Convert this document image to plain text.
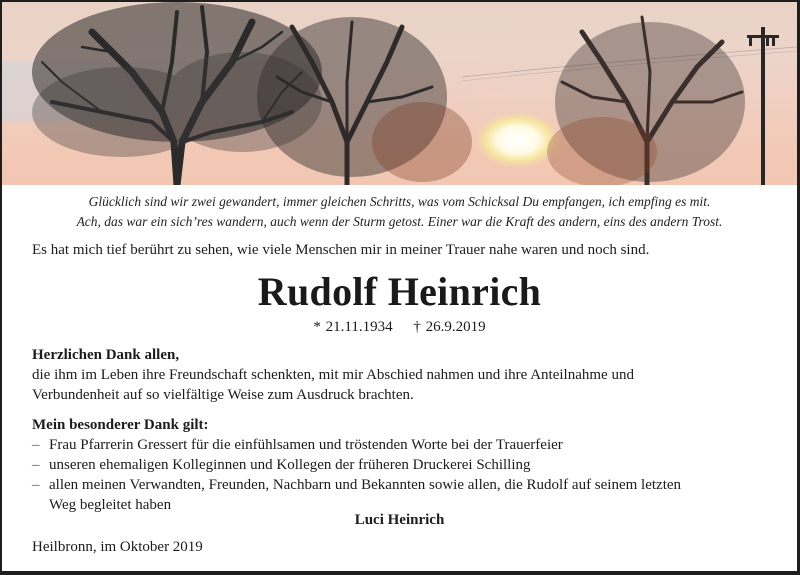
Glücklich sind wir zwei gewandert, immer gleichen Schritts, was vom Schicksal Du empfangen, ich empfing es mit.
Ach, das war ein sich’res wandern, auch wenn der Sturm getost. Einer war die Kraft des andern, eins des andern Trost.
Es hat mich tief berührt zu sehen, wie viele Menschen mir in meiner Trauer nahe waren und noch sind.
Rudolf Heinrich
* 21.11.1934 † 26.9.2019
Herzlichen Dank allen,
die ihm im Leben ihre Freundschaft schenkten, mit mir Abschied nahmen und ihre Anteilnahme und
Verbundenheit auf so vielfältige Weise zum Ausdruck brachten.
Mein besonderer Dank gilt:
– Frau Pfarrerin Gressert für die einfühlsamen und tröstenden Worte bei der Trauerfeier
– unseren ehemaligen Kolleginnen und Kollegen der früheren Druckerei Schilling
– allen meinen Verwandten, Freunden, Nachbarn und Bekannten sowie allen, die Rudolf auf seinem letzten
Weg begleitet haben
Luci Heinrich
Heilbronn, im Oktober 2019
